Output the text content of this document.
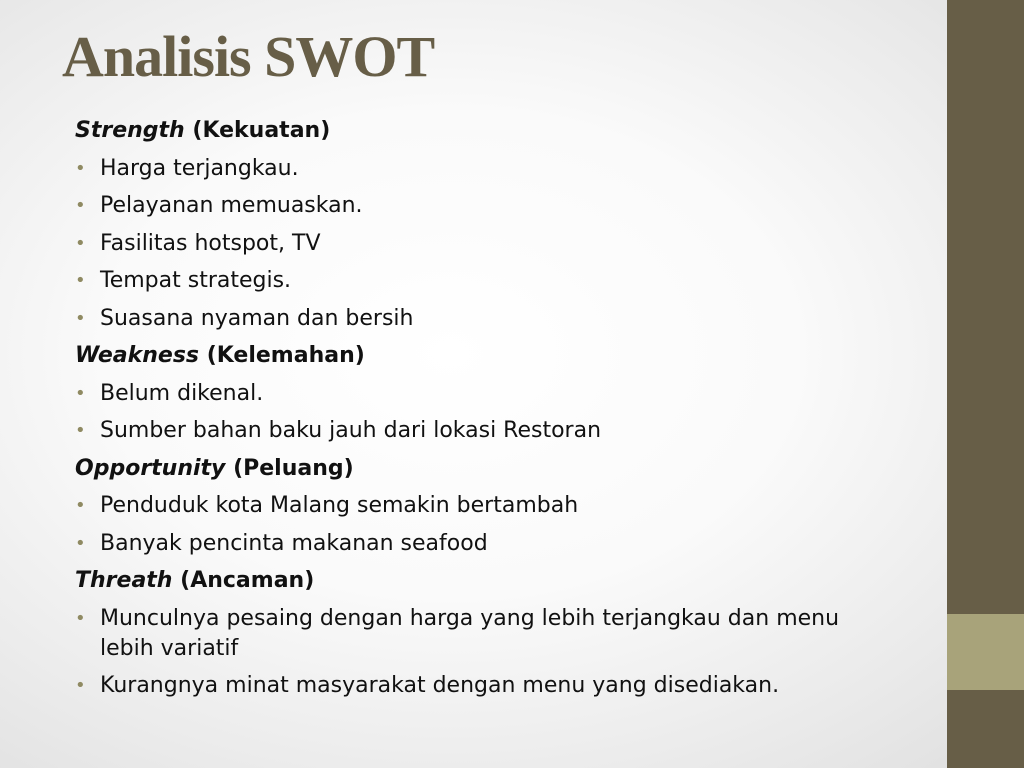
Analisis SWOT
Strength (Kekuatan)
• Harga terjangkau.
• Pelayanan memuaskan.
• Fasilitas hotspot, TV
• Tempat strategis.
• Suasana nyaman dan bersih
Weakness (Kelemahan)
• Belum dikenal.
• Sumber bahan baku jauh dari lokasi Restoran
Opportunity (Peluang)
• Penduduk kota Malang semakin bertambah
• Banyak pencinta makanan seafood
Threath (Ancaman)
• Munculnya pesaing dengan harga yang lebih terjangkau dan menu lebih variatif
• Kurangnya minat masyarakat dengan menu yang disediakan.
